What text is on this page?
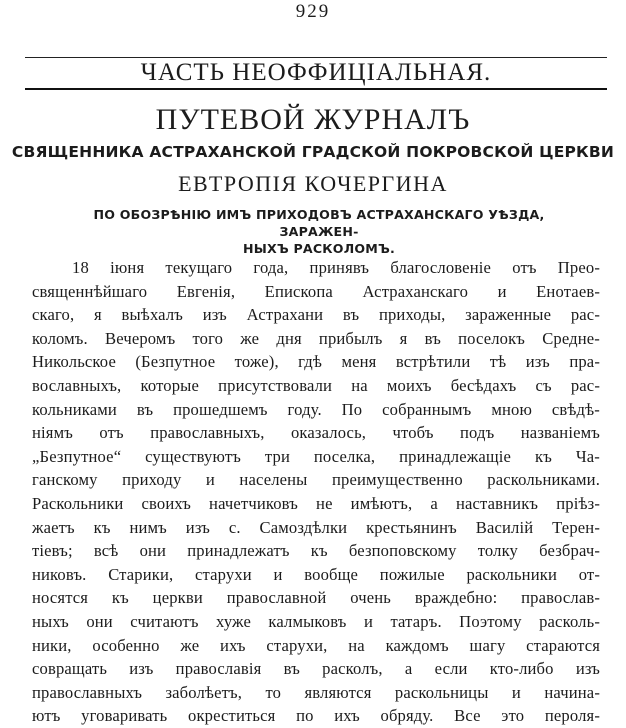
929
ЧАСТЬ НЕОФФИЦІАЛЬНАЯ.
ПУТЕВОЙ ЖУРНАЛЪ
СВЯЩЕННИКА АСТРАХАНСКОЙ ГРАДСКОЙ ПОКРОВСКОЙ ЦЕРКВИ
ЕВТРОПІЯ КОЧЕРГИНА
ПО ОБОЗРѢНІЮ ИМЪ ПРИХОДОВЪ АСТРАХАНСКАГО УѢЗДА, ЗАРАЖЕН-
НЫХЪ РАСКОЛОМЪ.
18 іюня текущаго года, принявъ благословеніе отъ Прео-
священнѣйшаго Евгенія, Епископа Астраханскаго и Енотаев-
скаго, я выѣхалъ изъ Астрахани въ приходы, зараженные рас-
коломъ. Вечеромъ того же дня прибылъ я въ поселокъ Средне-
Никольское (Безпутное тоже), гдѣ меня встрѣтили тѣ изъ пра-
вославныхъ, которые присутствовали на моихъ бесѣдахъ съ рас-
кольниками въ прошедшемъ году. По собраннымъ мною свѣдѣ-
ніямъ отъ православныхъ, оказалось, чтобъ подъ названіемъ
„Безпутное“ существуютъ три поселка, принадлежащіе къ Ча-
ганскому приходу и населены преимущественно раскольниками.
Раскольники своихъ начетчиковъ не имѣютъ, а наставникъ пріѣз-
жаетъ къ нимъ изъ с. Самоздѣлки крестьянинъ Василій Терен-
тіевъ; всѣ они принадлежатъ къ безпоповскому толку безбрач-
никовъ. Старики, старухи и вообще пожилые раскольники от-
носятся къ церкви православной очень враждебно: православ-
ныхъ они считаютъ хуже калмыковъ и татаръ. Поэтому расколь-
ники, особенно же ихъ старухи, на каждомъ шагу стараются
совращать изъ православія въ расколъ, а если кто-либо изъ
православныхъ заболѣетъ, то являются раскольницы и начина-
ютъ уговаривать окреститься по ихъ обряду. Все это пероля-
